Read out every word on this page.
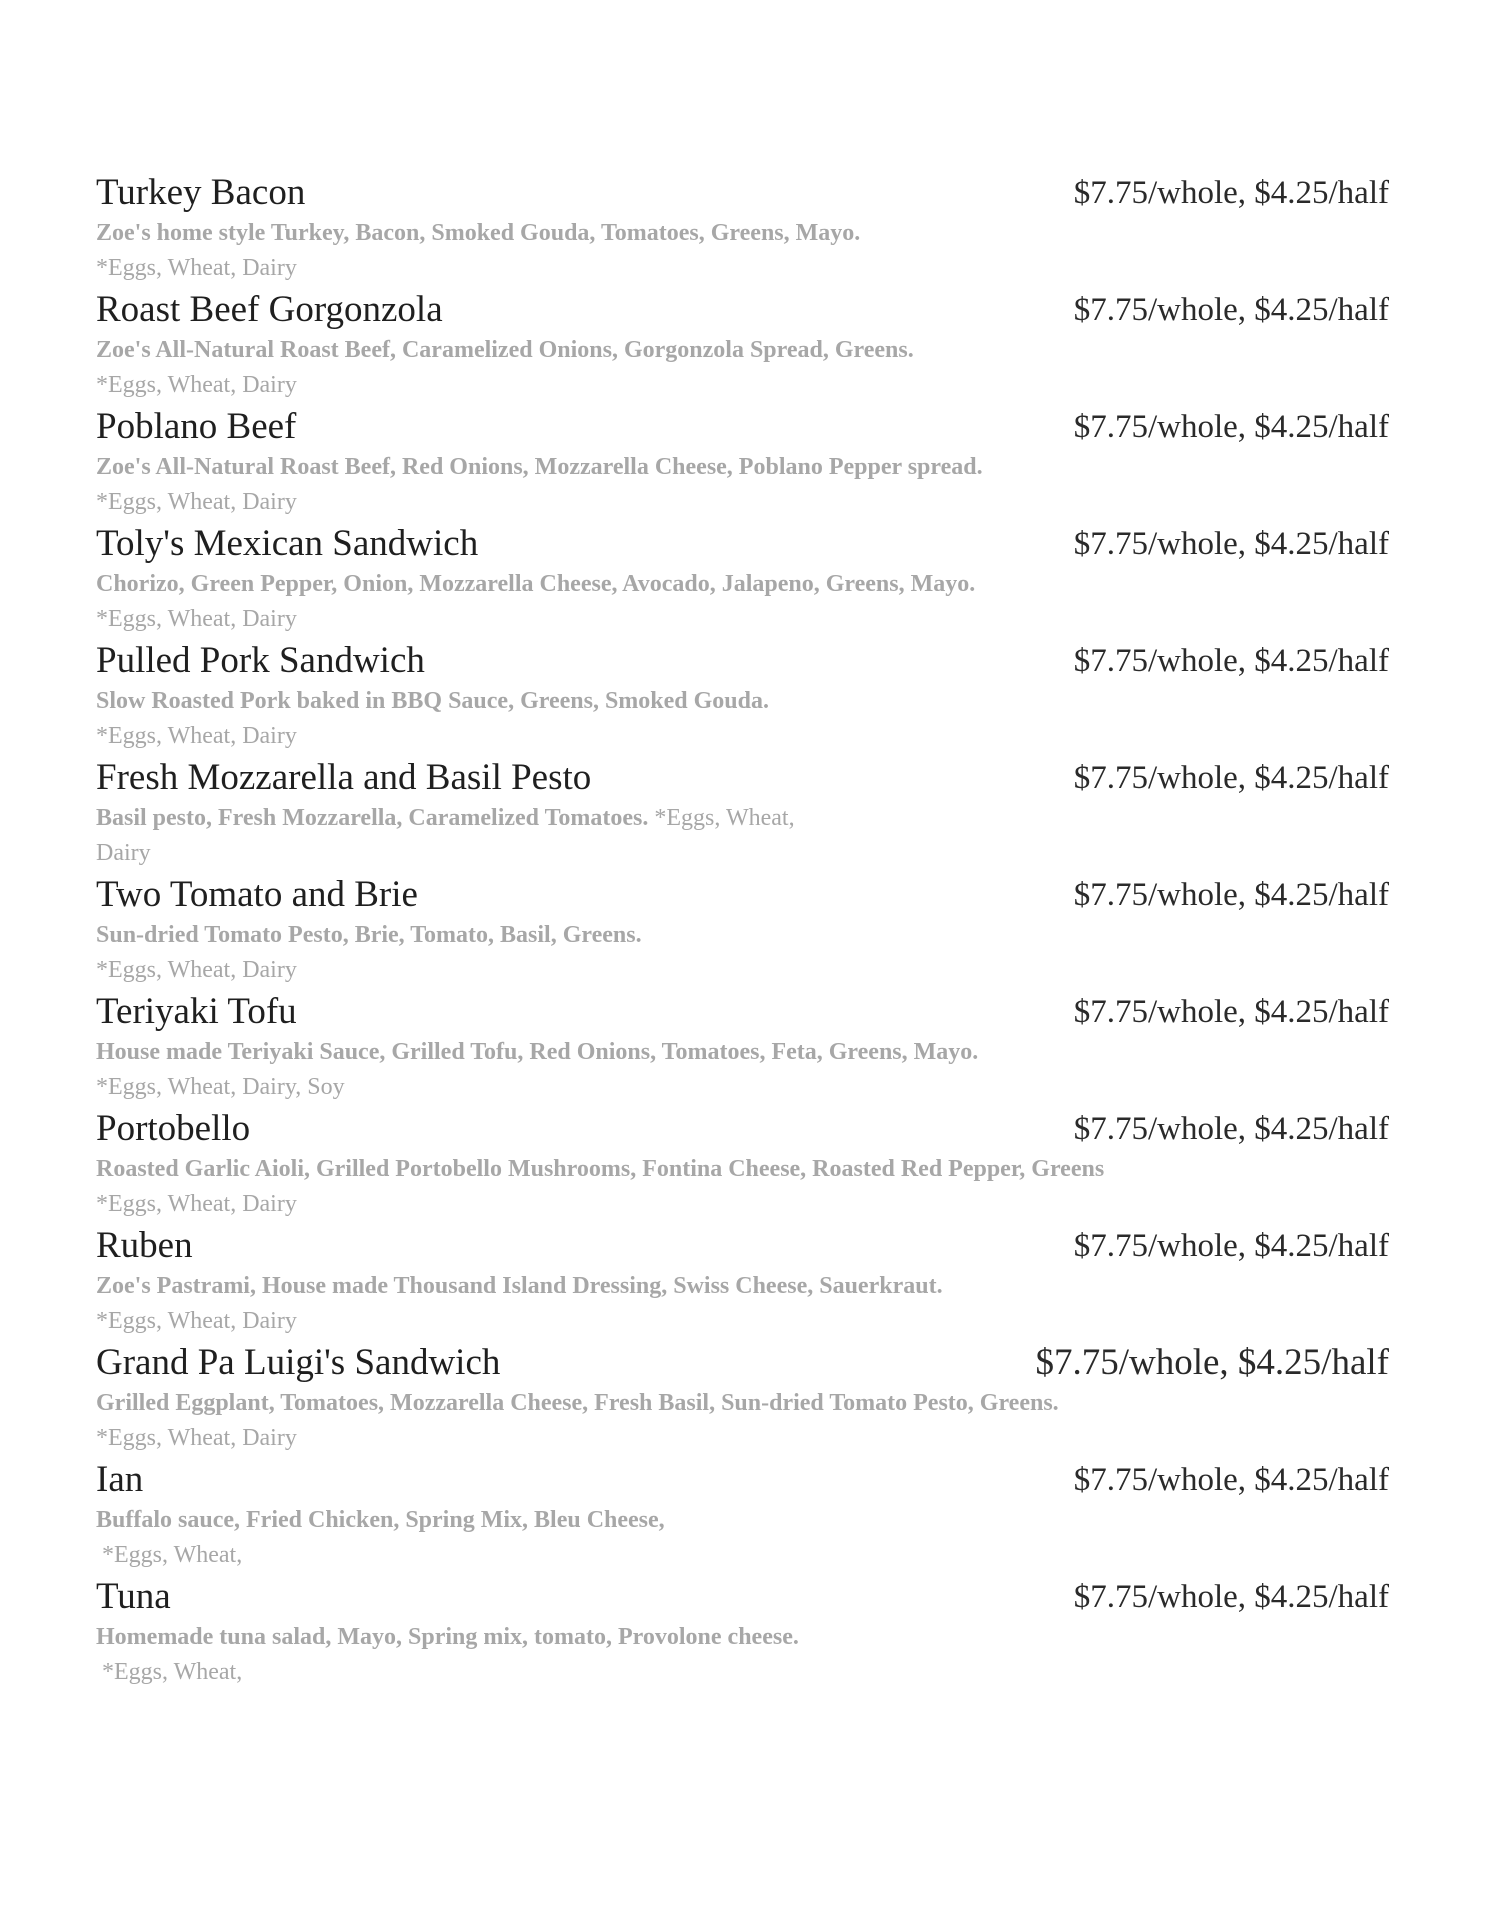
Turkey Bacon	$7.75/whole, $4.25/half
Zoe's home style Turkey, Bacon, Smoked Gouda, Tomatoes, Greens, Mayo.
*Eggs, Wheat, Dairy
Roast Beef Gorgonzola	$7.75/whole, $4.25/half
Zoe's All-Natural Roast Beef, Caramelized Onions, Gorgonzola Spread, Greens.
*Eggs, Wheat, Dairy
Poblano Beef	$7.75/whole, $4.25/half
Zoe's All-Natural Roast Beef, Red Onions, Mozzarella Cheese, Poblano Pepper spread.
*Eggs, Wheat, Dairy
Toly's Mexican Sandwich	$7.75/whole, $4.25/half
Chorizo, Green Pepper, Onion, Mozzarella Cheese, Avocado, Jalapeno, Greens, Mayo.
*Eggs, Wheat, Dairy
Pulled Pork Sandwich	$7.75/whole, $4.25/half
Slow Roasted Pork baked in BBQ Sauce, Greens, Smoked Gouda.
*Eggs, Wheat, Dairy
Fresh Mozzarella and Basil Pesto	$7.75/whole, $4.25/half
Basil pesto, Fresh Mozzarella, Caramelized Tomatoes. *Eggs, Wheat, Dairy
Two Tomato and Brie	$7.75/whole, $4.25/half
Sun-dried Tomato Pesto, Brie, Tomato, Basil, Greens.
*Eggs, Wheat, Dairy
Teriyaki Tofu	$7.75/whole, $4.25/half
House made Teriyaki Sauce, Grilled Tofu, Red Onions, Tomatoes, Feta, Greens, Mayo.
*Eggs, Wheat, Dairy, Soy
Portobello	$7.75/whole, $4.25/half
Roasted Garlic Aioli, Grilled Portobello Mushrooms, Fontina Cheese, Roasted Red Pepper, Greens
*Eggs, Wheat, Dairy
Ruben	$7.75/whole, $4.25/half
Zoe's Pastrami, House made Thousand Island Dressing, Swiss Cheese, Sauerkraut.
*Eggs, Wheat, Dairy
Grand Pa Luigi's Sandwich	$7.75/whole, $4.25/half
Grilled Eggplant, Tomatoes, Mozzarella Cheese, Fresh Basil, Sun-dried Tomato Pesto, Greens.
*Eggs, Wheat, Dairy
Ian	$7.75/whole, $4.25/half
Buffalo sauce, Fried Chicken, Spring Mix, Bleu Cheese,
*Eggs, Wheat,
Tuna	$7.75/whole, $4.25/half
Homemade tuna salad, Mayo, Spring mix, tomato, Provolone cheese.
*Eggs, Wheat,
